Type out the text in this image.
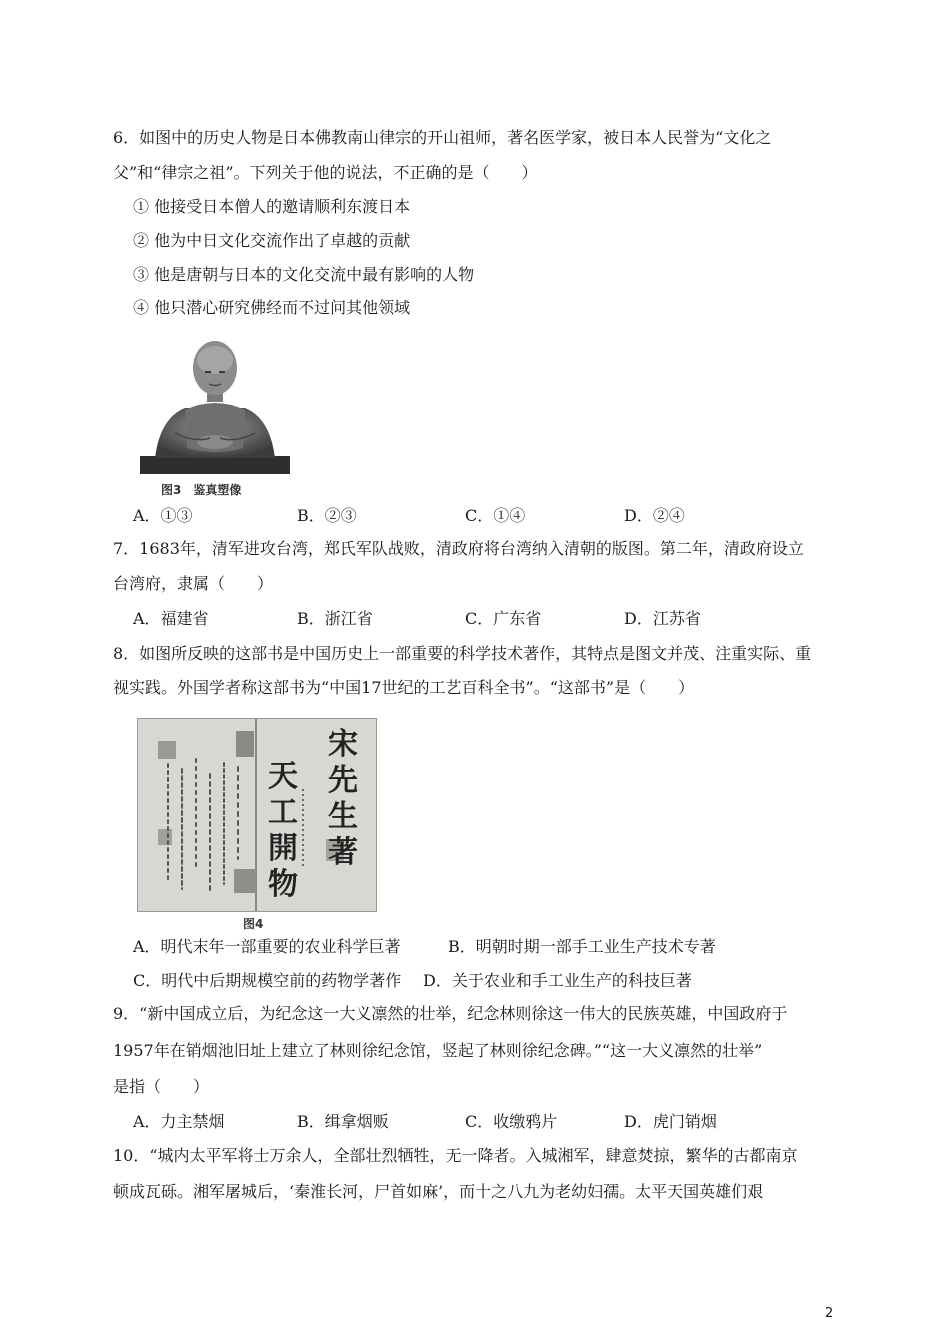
6．如图中的历史人物是日本佛教南山律宗的开山祖师，著名医学家，被日本人民誉为“文化之
父”和“律宗之祖”。下列关于他的说法，不正确的是（　　）
① 他接受日本僧人的邀请顺利东渡日本
② 他为中日文化交流作出了卓越的贡献
③ 他是唐朝与日本的文化交流中最有影响的人物
④ 他只潜心研究佛经而不过问其他领域
图3　鉴真塑像
A．①③	B．②③	C．①④	D．②④
7．1683年，清军进攻台湾，郑氏军队战败，清政府将台湾纳入清朝的版图。第二年，清政府设立
台湾府，隶属（　　）
A．福建省	B．浙江省	C．广东省	D．江苏省
8．如图所反映的这部书是中国历史上一部重要的科学技术著作，其特点是图文并茂、注重实际、重
视实践。外国学者称这部书为“中国17世纪的工艺百科全书”。“这部书”是（　　）
宋先生著
天工開物
图4
A．明代末年一部重要的农业科学巨著	B．明朝时期一部手工业生产技术专著
C．明代中后期规模空前的药物学著作 D．关于农业和手工业生产的科技巨著
9．“新中国成立后，为纪念这一大义凛然的壮举，纪念林则徐这一伟大的民族英雄，中国政府于
1957年在销烟池旧址上建立了林则徐纪念馆，竖起了林则徐纪念碑。”“这一大义凛然的壮举”
是指（　　）
A．力主禁烟	B．缉拿烟贩	C．收缴鸦片	D．虎门销烟
10．“城内太平军将士万余人，全部壮烈牺牲，无一降者。入城湘军，肆意焚掠，繁华的古都南京
顿成瓦砾。湘军屠城后，‘秦淮长河，尸首如麻’，而十之八九为老幼妇孺。太平天国英雄们艰
2
